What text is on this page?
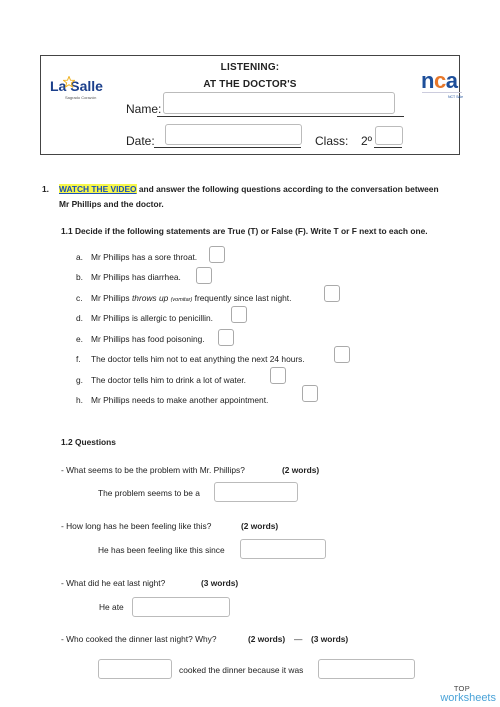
La Salle
Sagrado Corazón
LISTENING:
AT THE DOCTOR'S	nca
NCT Sale
Name:
Date:	Class: 2º
1. WATCH THE VIDEO and answer the following questions according to the conversation between
Mr Phillips and the doctor.
1.1 Decide if the following statements are True (T) or False (F). Write T or F next to each one.
a. Mr Phillips has a sore throat.
b. Mr Phillips has diarrhea.
c. Mr Phillips throws up (vomitar) frequently since last night.
d. Mr Phillips is allergic to penicillin.
e. Mr Phillips has food poisoning.
f. The doctor tells him not to eat anything the next 24 hours.
g. The doctor tells him to drink a lot of water.
h. Mr Phillips needs to make another appointment.
1.2 Questions
- What seems to be the problem with Mr. Phillips?	(2 words)
The problem seems to be a
- How long has he been feeling like this?	(2 words)
He has been feeling like this since
- What did he eat last night?	(3 words)
He ate
- Who cooked the dinner last night? Why?	(2 words) — (3 words)
cooked the dinner because it was
TOP
worksheets
